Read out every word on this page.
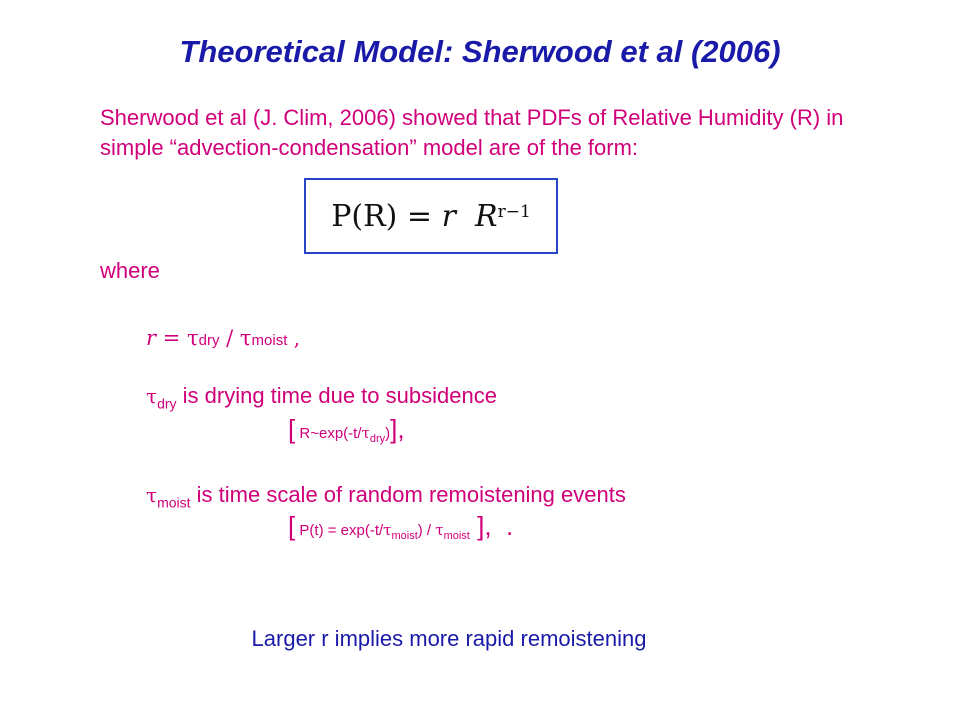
Theoretical Model: Sherwood et al (2006)
Sherwood et al (J. Clim, 2006) showed that PDFs of Relative Humidity (R) in simple “advection-condensation” model are of the form:
P (R) = r
$R^{r-1}$
where
r = τdry / τmoist ,
$\tau_{dry}$ is drying time due to subsidence
[ $R\sim\exp(-t/\tau_{dry})$],
$\tau_{moist}$ is time scale of random remoistening events
[ $P(t) = \exp(-t/\tau_{moist}) / \tau_{moist}$ ],  .
Larger r implies more rapid remoistening
